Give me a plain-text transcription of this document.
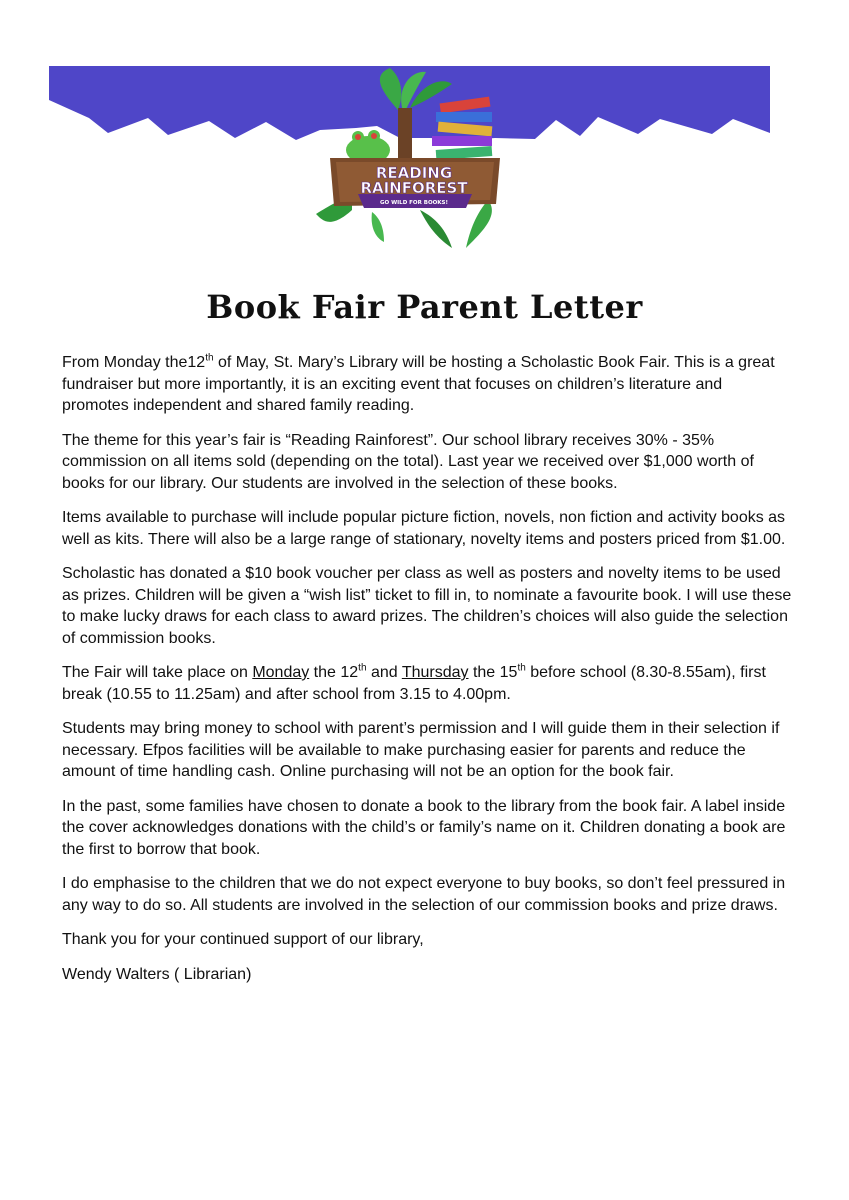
READING
RAINFOREST
GO WILD FOR BOOKS!
Book Fair Parent Letter

From Monday the12th of May, St. Mary’s Library will be hosting a Scholastic Book Fair. This is a great fundraiser but more importantly, it is an exciting event that focuses on children’s literature and promotes independent and shared family reading.

The theme for this year’s fair is “Reading Rainforest”. Our school library receives 30% - 35% commission on all items sold (depending on the total). Last year we received over $1,000 worth of books for our library. Our students are involved in the selection of these books.

Items available to purchase will include popular picture fiction, novels, non fiction and activity books as well as kits. There will also be a large range of stationary, novelty items and posters priced from $1.00.

Scholastic has donated a $10 book voucher per class as well as posters and novelty items to be used as prizes. Children will be given a “wish list” ticket to fill in, to nominate a favourite book. I will use these to make lucky draws for each class to award prizes. The children’s choices will also guide the selection of commission books.

The Fair will take place on Monday the 12th and Thursday the 15th before school (8.30-8.55am), first break (10.55 to 11.25am) and after school from 3.15 to 4.00pm.

Students may bring money to school with parent’s permission and I will guide them in their selection if necessary. Efpos facilities will be available to make purchasing easier for parents and reduce the amount of time handling cash. Online purchasing will not be an option for the book fair.

In the past, some families have chosen to donate a book to the library from the book fair. A label inside the cover acknowledges donations with the child’s or family’s name on it. Children donating a book are the first to borrow that book.

I do emphasise to the children that we do not expect everyone to buy books, so don’t feel pressured in any way to do so. All students are involved in the selection of our commission books and prize draws.

Thank you for your continued support of our library,

Wendy Walters ( Librarian)
